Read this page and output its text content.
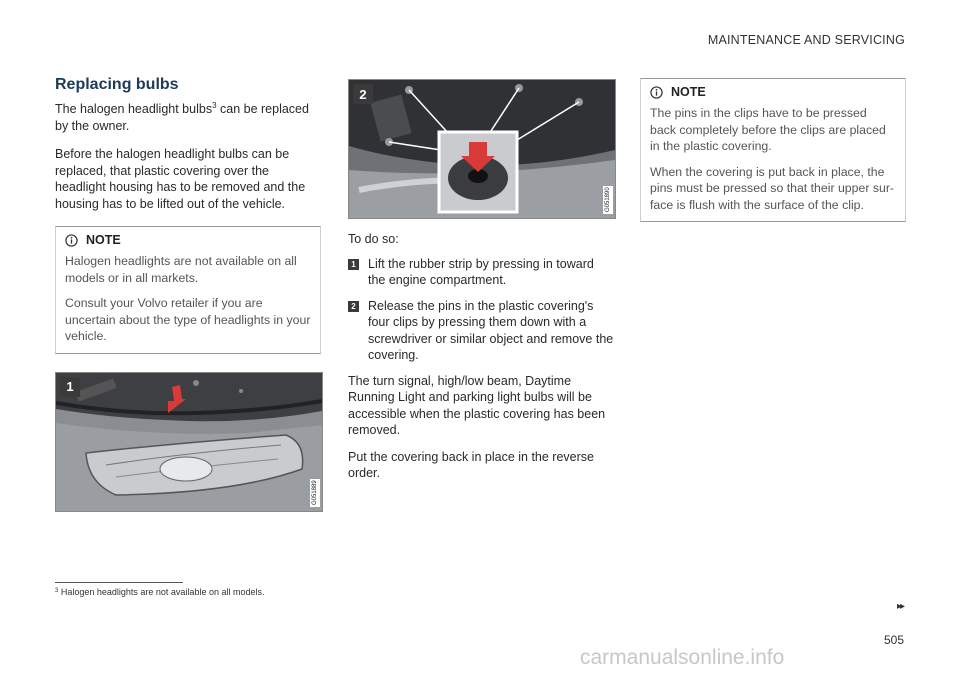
MAINTENANCE AND SERVICING
Replacing bulbs

The halogen headlight bulbs$^3$ can be replaced by the owner.

Before the halogen headlight bulbs can be replaced, that plastic covering over the headlight housing has to be removed and the housing has to be lifted out of the vehicle.

NOTE

Halogen headlights are not available on all models or in all markets.

Consult your Volvo retailer if you are uncertain about the type of headlights in your vehicle.

1
G051889
2
G051890

To do so:

1 Lift the rubber strip by pressing in toward the engine compartment.
2 Release the pins in the plastic covering's four clips by pressing them down with a screwdriver or similar object and remove the covering.

The turn signal, high/low beam, Daytime Running Light and parking light bulbs will be accessible when the plastic covering has been removed.

Put the covering back in place in the reverse order.

NOTE

The pins in the clips have to be pressed back completely before the clips are placed in the plastic covering.

When the covering is put back in place, the pins must be pressed so that their upper sur-face is flush with the surface of the clip.

$^3$ Halogen headlights are not available on all models.
▸▸
505
carmanualsonline.info
